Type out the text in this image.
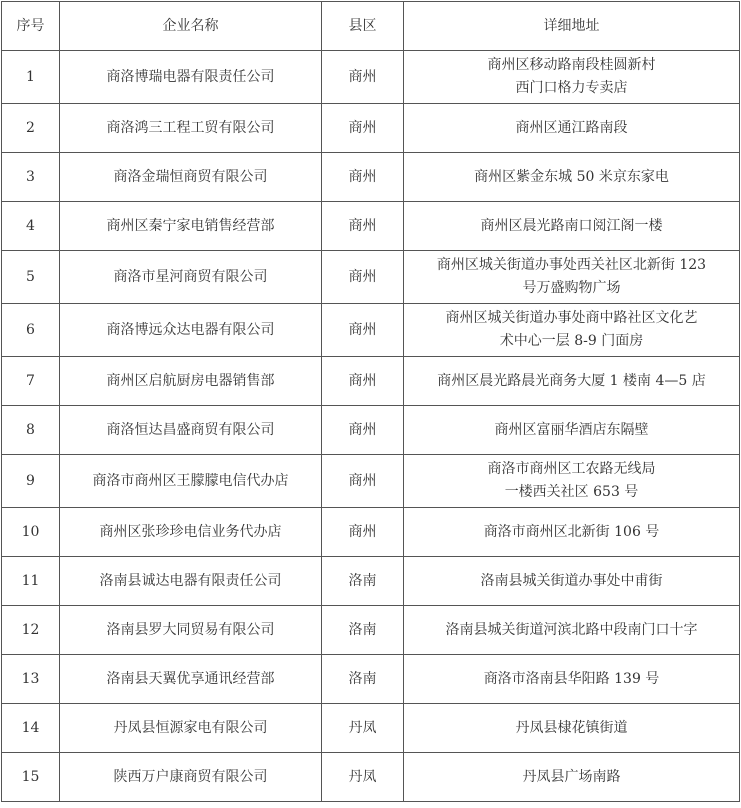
序号	企业名称	县区	详细地址
1	商洛博瑞电器有限责任公司	商州	商州区移动路南段桂圆新村
西门口格力专卖店

2	商洛鸿三工程工贸有限公司	商州	商州区通江路南段

3	商洛金瑞恒商贸有限公司	商州	商州区紫金东城 50 米京东家电

4	商州区秦宁家电销售经营部	商州	商州区晨光路南口阅江阁一楼

5	商洛市星河商贸有限公司	商州	商州区城关街道办事处西关社区北新街 123
号万盛购物广场

6	商洛博远众达电器有限公司	商州	商州区城关街道办事处商中路社区文化艺
术中心一层 8-9 门面房

7	商州区启航厨房电器销售部	商州	商州区晨光路晨光商务大厦 1 楼南 4—5 店

8	商洛恒达昌盛商贸有限公司	商州	商州区富丽华酒店东隔壁

9	商洛市商州区王朦朦电信代办店	商州	商洛市商州区工农路无线局
一楼西关社区 653 号

10	商州区张珍珍电信业务代办店	商州	商洛市商州区北新街 106 号

11	洛南县诚达电器有限责任公司	洛南	洛南县城关街道办事处中甫街

12	洛南县罗大同贸易有限公司	洛南	洛南县城关街道河滨北路中段南门口十字

13	洛南县天翼优享通讯经营部	洛南	商洛市洛南县华阳路 139 号

14	丹凤县恒源家电有限公司	丹凤	丹凤县棣花镇街道

15	陕西万户康商贸有限公司	丹凤	丹凤县广场南路
